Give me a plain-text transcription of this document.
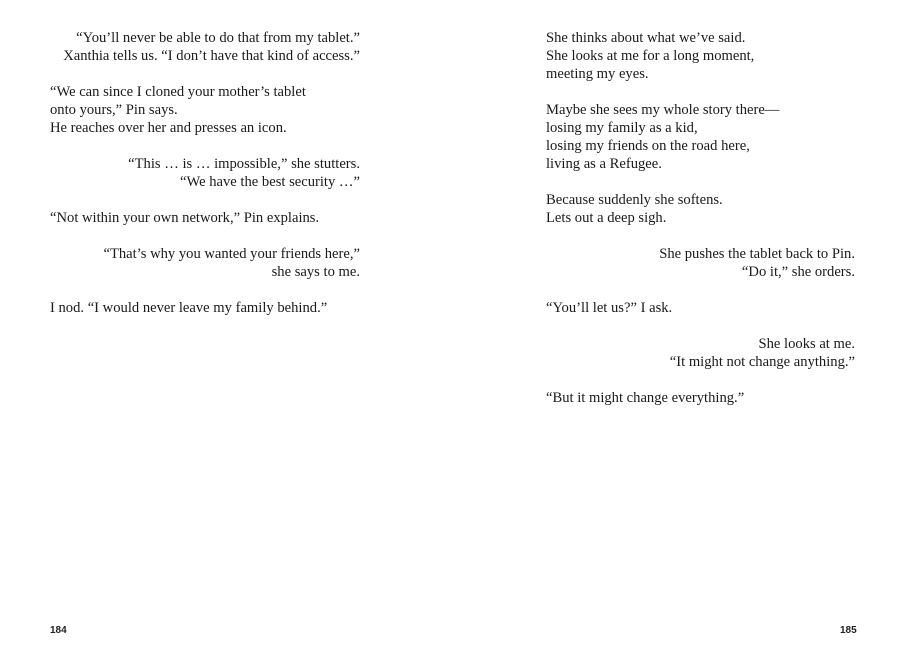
“You’ll never be able to do that from my tablet.”
Xanthia tells us. “I don’t have that kind of access.”
“We can since I cloned your mother’s tablet
onto yours,” Pin says.
He reaches over her and presses an icon.
“This … is … impossible,” she stutters.
“We have the best security …”
“Not within your own network,” Pin explains.
“That’s why you wanted your friends here,”
she says to me.
I nod. “I would never leave my family behind.”
184
She thinks about what we’ve said.
She looks at me for a long moment,
meeting my eyes.
Maybe she sees my whole story there—
losing my family as a kid,
losing my friends on the road here,
living as a Refugee.
Because suddenly she softens.
Lets out a deep sigh.
She pushes the tablet back to Pin.
“Do it,” she orders.
“You’ll let us?” I ask.
She looks at me.
“It might not change anything.”
“But it might change everything.”
185
